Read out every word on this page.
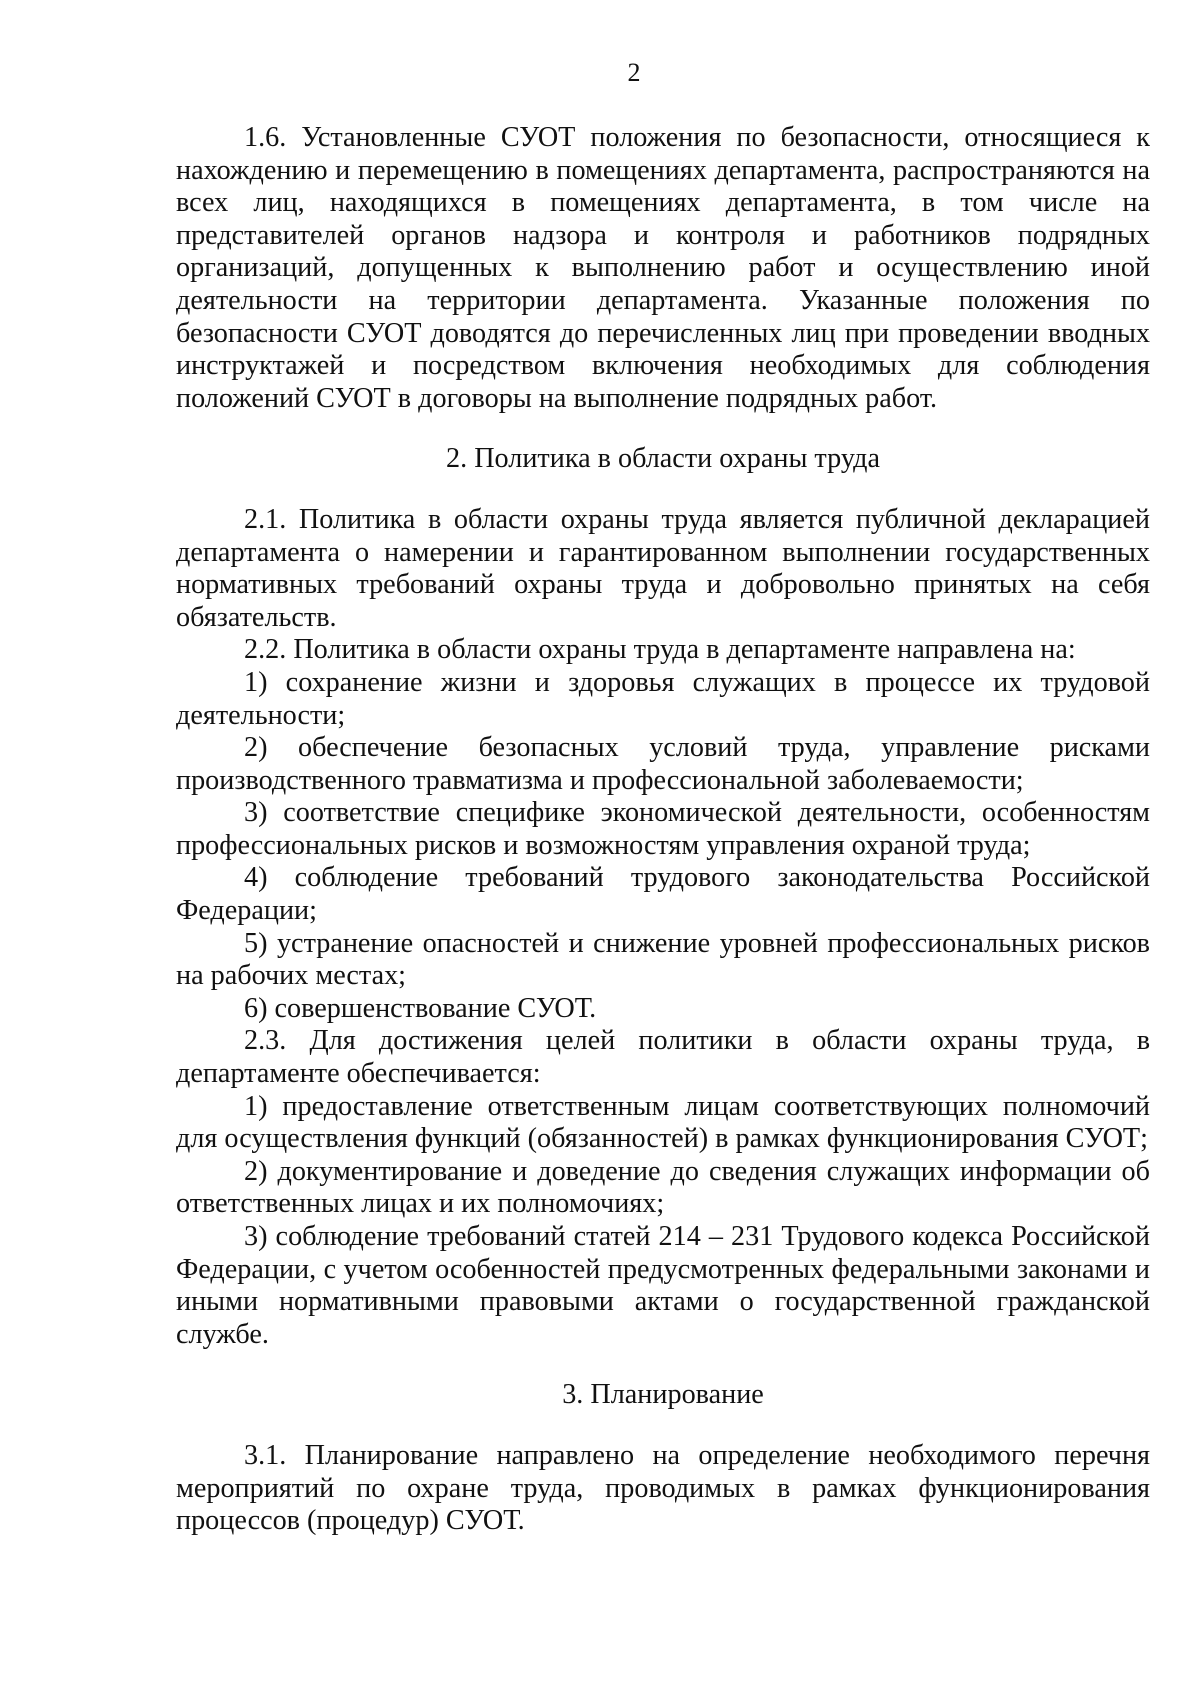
2

1.6. Установленные СУОТ положения по безопасности, относящиеся к нахождению и перемещению в помещениях департамента, распространяются на всех лиц, находящихся в помещениях департамента, в том числе на представителей органов надзора и контроля и работников подрядных организаций, допущенных к выполнению работ и осуществлению иной деятельности на территории департамента. Указанные положения по безопасности СУОТ доводятся до перечисленных лиц при проведении вводных инструктажей и посредством включения необходимых для соблюдения положений СУОТ в договоры на выполнение подрядных работ.

2. Политика в области охраны труда

2.1. Политика в области охраны труда является публичной декларацией департамента о намерении и гарантированном выполнении государственных нормативных требований охраны труда и добровольно принятых на себя обязательств.

2.2. Политика в области охраны труда в департаменте направлена на:

1) сохранение жизни и здоровья служащих в процессе их трудовой деятельности;

2) обеспечение безопасных условий труда, управление рисками производственного травматизма и профессиональной заболеваемости;

3) соответствие специфике экономической деятельности, особенностям профессиональных рисков и возможностям управления охраной труда;

4) соблюдение требований трудового законодательства Российской Федерации;

5) устранение опасностей и снижение уровней профессиональных рисков на рабочих местах;

6) совершенствование СУОТ.

2.3. Для достижения целей политики в области охраны труда, в департаменте обеспечивается:

1) предоставление ответственным лицам соответствующих полномочий для осуществления функций (обязанностей) в рамках функционирования СУОТ;

2) документирование и доведение до сведения служащих информации об ответственных лицах и их полномочиях;

3) соблюдение требований статей 214 – 231 Трудового кодекса Российской Федерации, с учетом особенностей предусмотренных федеральными законами и иными нормативными правовыми актами о государственной гражданской службе.

3. Планирование

3.1. Планирование направлено на определение необходимого перечня мероприятий по охране труда, проводимых в рамках функционирования процессов (процедур) СУОТ.
